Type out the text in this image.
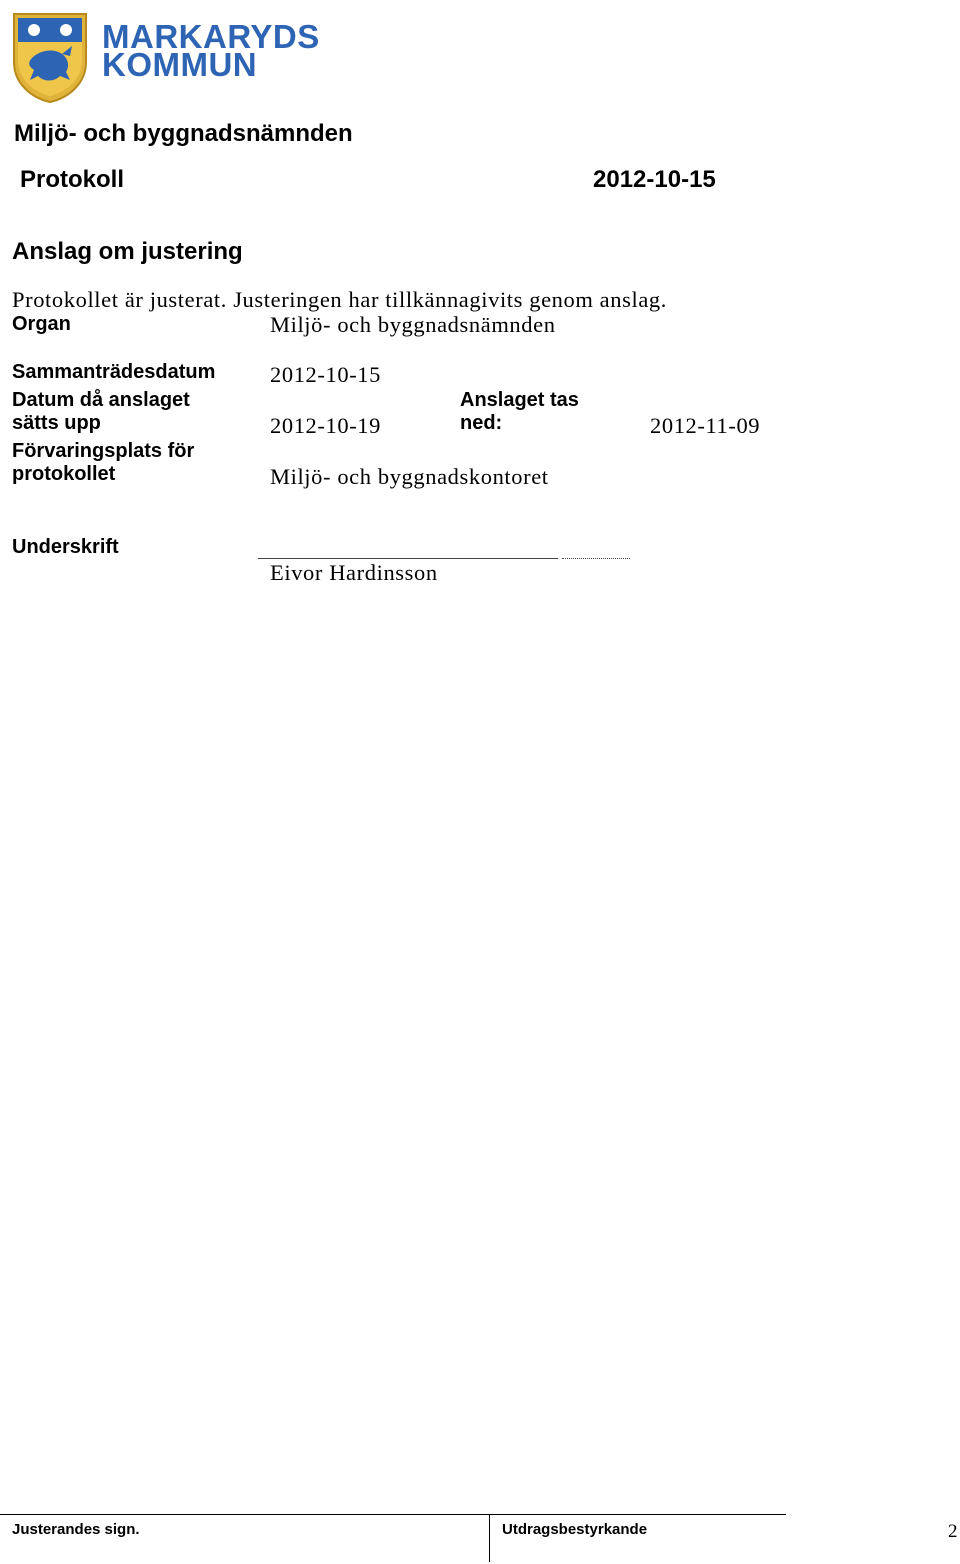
MARKARYDS
KOMMUN
Miljö- och byggnadsnämnden
Protokoll	2012-10-15
Anslag om justering
Protokollet är justerat. Justeringen har tillkännagivits genom anslag.
Organ	Miljö- och byggnadsnämnden
Sammanträdesdatum 2012-10-15
Datum då anslaget
sätts upp	2012-10-19
Anslaget tas
ned:	2012-11-09
Förvaringsplats för
protokollet	Miljö- och byggnadskontoret
Underskrift
Eivor Hardinsson
Justerandes sign.	Utdragsbestyrkande	2
